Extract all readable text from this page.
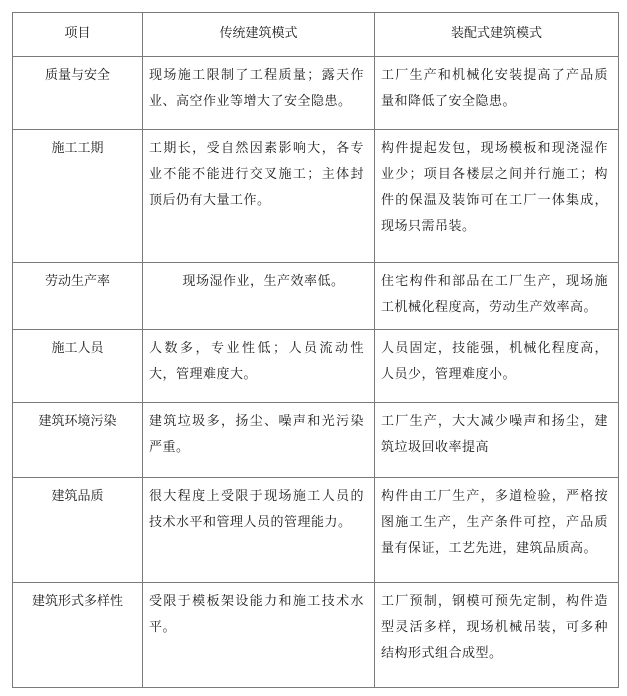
项目	传统建筑模式	装配式建筑模式
质量与安全	现场施工限制了工程质量；露天作业、高空作业等增大了安全隐患。	工厂生产和机械化安装提高了产品质量和降低了安全隐患。
施工工期	工期长，受自然因素影响大，各专业不能不能进行交叉施工；主体封顶后仍有大量工作。	构件提起发包，现场模板和现浇湿作业少；项目各楼层之间并行施工；构件的保温及装饰可在工厂一体集成，现场只需吊装。
劳动生产率	现场湿作业，生产效率低。	住宅构件和部品在工厂生产，现场施工机械化程度高，劳动生产效率高。
施工人员	人数多，专业性低；人员流动性大，管理难度大。	人员固定，技能强，机械化程度高，人员少，管理难度小。
建筑环境污染	建筑垃圾多，扬尘、噪声和光污染严重。	工厂生产，大大减少噪声和扬尘，建筑垃圾回收率提高
建筑品质	很大程度上受限于现场施工人员的技术水平和管理人员的管理能力。	构件由工厂生产，多道检验，严格按图施工生产，生产条件可控，产品质量有保证，工艺先进，建筑品质高。
建筑形式多样性	受限于模板架设能力和施工技术水平。	工厂预制，钢模可预先定制，构件造型灵活多样，现场机械吊装，可多种结构形式组合成型。
